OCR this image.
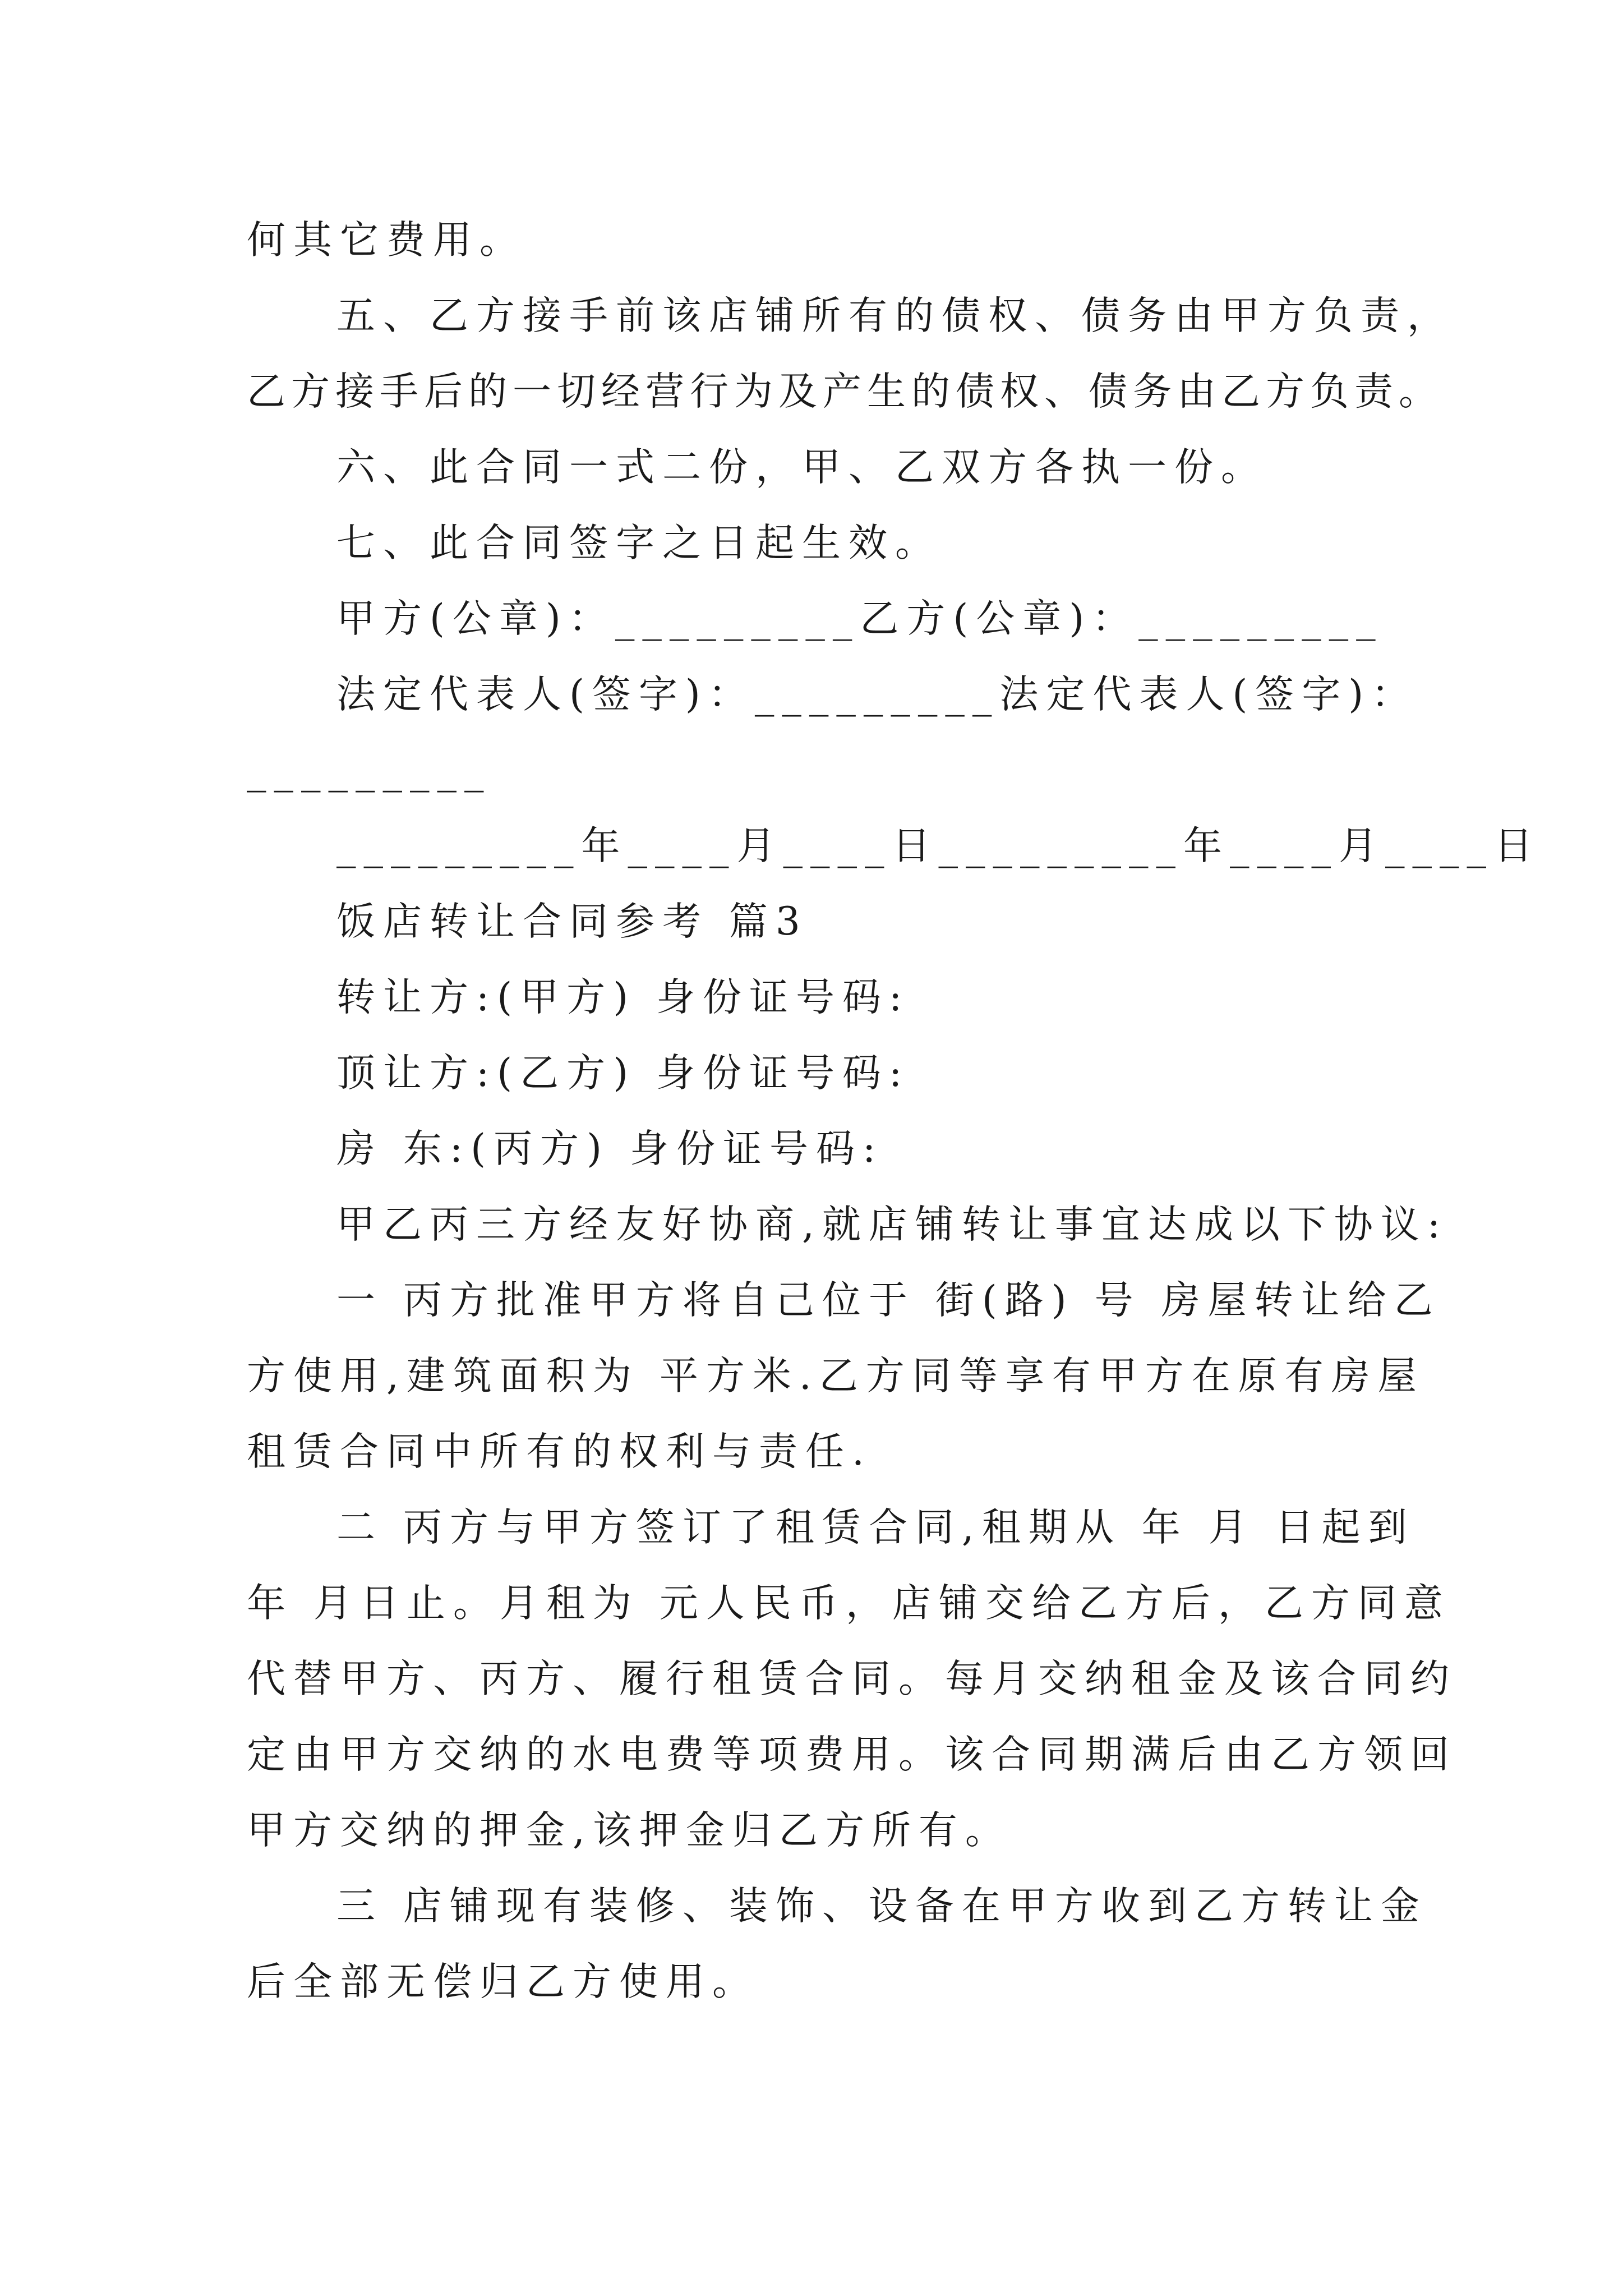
何其它费用。
五、乙方接手前该店铺所有的债权、债务由甲方负责，
乙方接手后的一切经营行为及产生的债权、债务由乙方负责。
六、此合同一式二份，甲、乙双方各执一份。
七、此合同签字之日起生效。
甲方(公章)：_________乙方(公章)：_________
法定代表人(签字)：_________法定代表人(签字)：
_________
_________年____月____日_________年____月____日
饭店转让合同参考 篇3
转让方:(甲方) 身份证号码:
顶让方:(乙方) 身份证号码:
房 东:(丙方) 身份证号码:
甲乙丙三方经友好协商,就店铺转让事宜达成以下协议:
一 丙方批准甲方将自己位于 街(路) 号 房屋转让给乙
方使用,建筑面积为 平方米.乙方同等享有甲方在原有房屋
租赁合同中所有的权利与责任.
二 丙方与甲方签订了租赁合同,租期从 年 月 日起到
年 月日止。月租为 元人民币，店铺交给乙方后，乙方同意
代替甲方、丙方、履行租赁合同。每月交纳租金及该合同约
定由甲方交纳的水电费等项费用。该合同期满后由乙方领回
甲方交纳的押金,该押金归乙方所有。
三 店铺现有装修、装饰、设备在甲方收到乙方转让金
后全部无偿归乙方使用。
